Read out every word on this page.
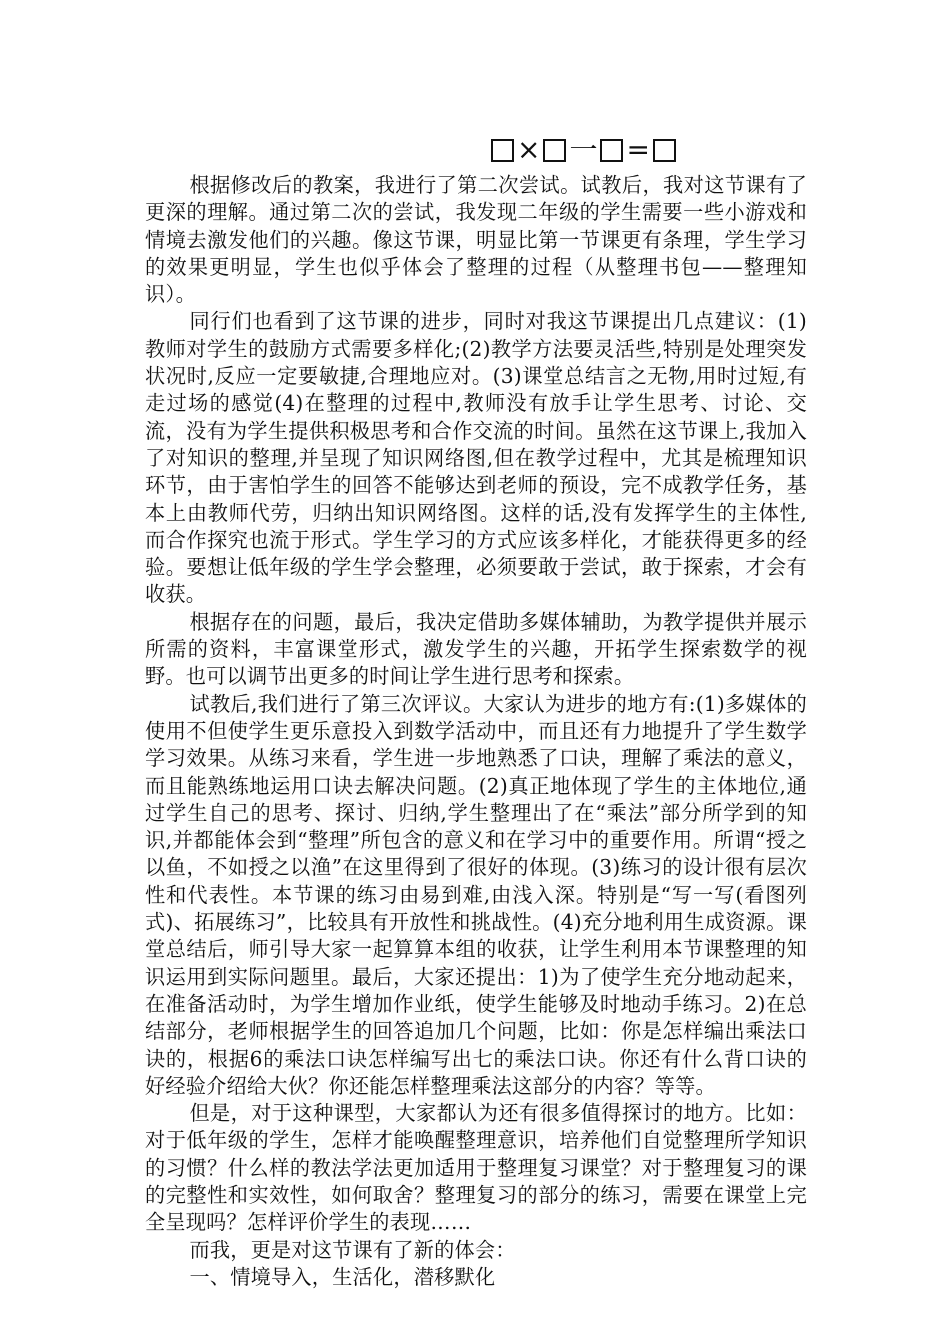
× 一 =

根据修改后的教案，我进行了第二次尝试。试教后，我对这节课有了更深的理解。通过第二次的尝试，我发现二年级的学生需要一些小游戏和情境去激发他们的兴趣。像这节课，明显比第一节课更有条理，学生学习的效果更明显，学生也似乎体会了整理的过程（从整理书包——整理知识）。

同行们也看到了这节课的进步，同时对我这节课提出几点建议：(1)教师对学生的鼓励方式需要多样化;(2)教学方法要灵活些,特别是处理突发状况时,反应一定要敏捷,合理地应对。(3)课堂总结言之无物,用时过短,有走过场的感觉(4)在整理的过程中,教师没有放手让学生思考、讨论、交流，没有为学生提供积极思考和合作交流的时间。虽然在这节课上,我加入了对知识的整理,并呈现了知识网络图,但在教学过程中，尤其是梳理知识环节，由于害怕学生的回答不能够达到老师的预设，完不成教学任务，基本上由教师代劳，归纳出知识网络图。这样的话,没有发挥学生的主体性,而合作探究也流于形式。学生学习的方式应该多样化，才能获得更多的经验。要想让低年级的学生学会整理，必须要敢于尝试，敢于探索，才会有收获。

根据存在的问题，最后，我决定借助多媒体辅助，为教学提供并展示所需的资料，丰富课堂形式，激发学生的兴趣，开拓学生探索数学的视野。也可以调节出更多的时间让学生进行思考和探索。

试教后,我们进行了第三次评议。大家认为进步的地方有:(1)多媒体的使用不但使学生更乐意投入到数学活动中，而且还有力地提升了学生数学学习效果。从练习来看，学生进一步地熟悉了口诀，理解了乘法的意义，而且能熟练地运用口诀去解决问题。(2)真正地体现了学生的主体地位,通过学生自己的思考、探讨、归纳,学生整理出了在“乘法”部分所学到的知识,并都能体会到“整理”所包含的意义和在学习中的重要作用。所谓“授之以鱼，不如授之以渔”在这里得到了很好的体现。(3)练习的设计很有层次性和代表性。本节课的练习由易到难,由浅入深。特别是“写一写(看图列式)、拓展练习”，比较具有开放性和挑战性。(4)充分地利用生成资源。课堂总结后，师引导大家一起算算本组的收获，让学生利用本节课整理的知识运用到实际问题里。最后，大家还提出：1)为了使学生充分地动起来，在准备活动时，为学生增加作业纸，使学生能够及时地动手练习。2)在总结部分，老师根据学生的回答追加几个问题，比如：你是怎样编出乘法口诀的，根据6的乘法口诀怎样编写出七的乘法口诀。你还有什么背口诀的好经验介绍给大伙？你还能怎样整理乘法这部分的内容？等等。

但是，对于这种课型，大家都认为还有很多值得探讨的地方。比如：对于低年级的学生，怎样才能唤醒整理意识，培养他们自觉整理所学知识的习惯？什么样的教法学法更加适用于整理复习课堂？对于整理复习的课的完整性和实效性，如何取舍？整理复习的部分的练习，需要在课堂上完全呈现吗？怎样评价学生的表现……

而我，更是对这节课有了新的体会：

一、情境导入，生活化，潜移默化
